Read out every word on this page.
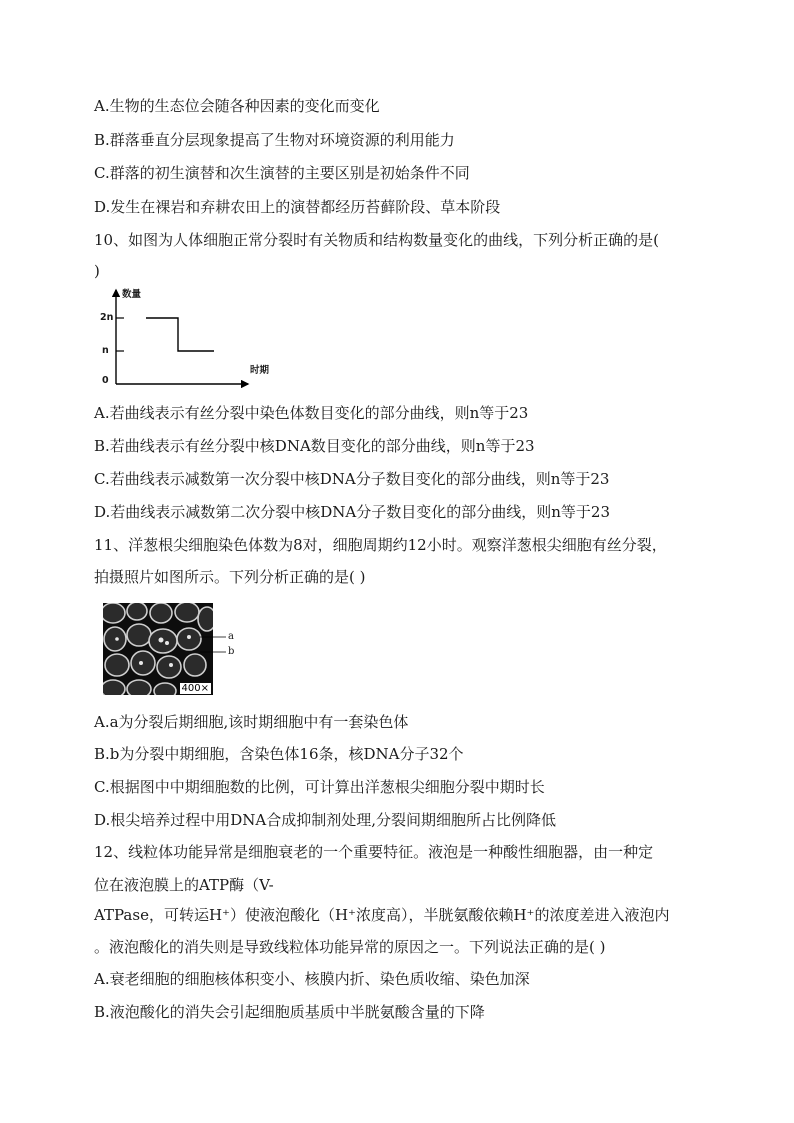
A.生物的生态位会随各种因素的变化而变化
B.群落垂直分层现象提高了生物对环境资源的利用能力
C.群落的初生演替和次生演替的主要区别是初始条件不同
D.发生在裸岩和弃耕农田上的演替都经历苔藓阶段、草本阶段
10、如图为人体细胞正常分裂时有关物质和结构数量变化的曲线，下列分析正确的是(
)
数量
时期
2n
n
0
A.若曲线表示有丝分裂中染色体数目变化的部分曲线，则n等于23
B.若曲线表示有丝分裂中核DNA数目变化的部分曲线，则n等于23
C.若曲线表示减数第一次分裂中核DNA分子数目变化的部分曲线，则n等于23
D.若曲线表示减数第二次分裂中核DNA分子数目变化的部分曲线，则n等于23
11、洋葱根尖细胞染色体数为8对，细胞周期约12小时。观察洋葱根尖细胞有丝分裂，
拍摄照片如图所示。下列分析正确的是( )
400×
a
b
A.a为分裂后期细胞,该时期细胞中有一套染色体
B.b为分裂中期细胞，含染色体16条，核DNA分子32个
C.根据图中中期细胞数的比例，可计算出洋葱根尖细胞分裂中期时长
D.根尖培养过程中用DNA合成抑制剂处理,分裂间期细胞所占比例降低
12、线粒体功能异常是细胞衰老的一个重要特征。液泡是一种酸性细胞器，由一种定
位在液泡膜上的ATP酶（V-
ATPase，可转运H⁺）使液泡酸化（H⁺浓度高），半胱氨酸依赖H⁺的浓度差进入液泡内
。液泡酸化的消失则是导致线粒体功能异常的原因之一。下列说法正确的是( )
A.衰老细胞的细胞核体积变小、核膜内折、染色质收缩、染色加深
B.液泡酸化的消失会引起细胞质基质中半胱氨酸含量的下降
